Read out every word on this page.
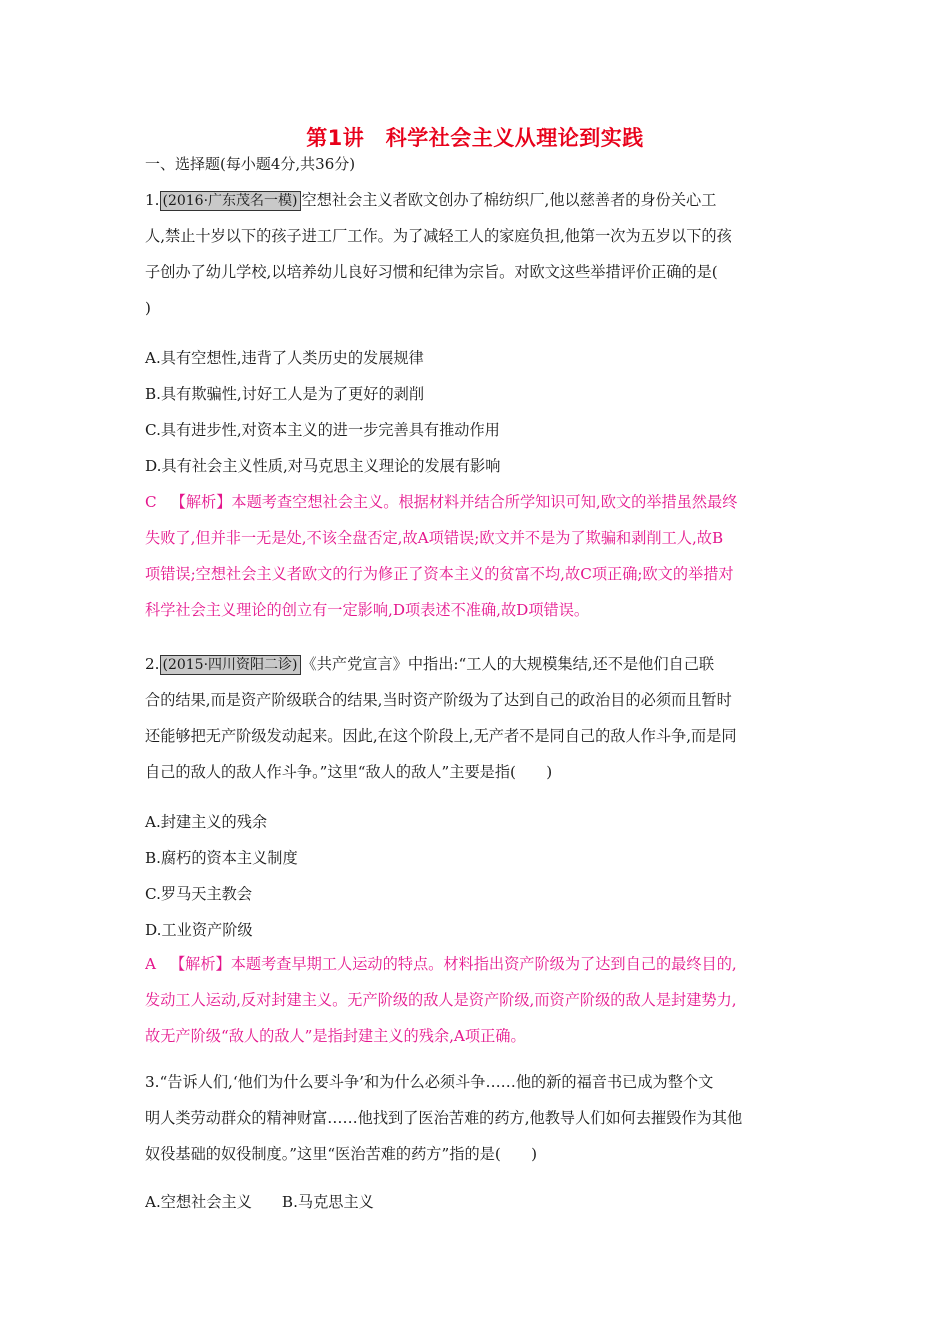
第1讲　科学社会主义从理论到实践
一、选择题(每小题4分,共36分)
1. (2016·广东茂名一模) 空想社会主义者欧文创办了棉纺织厂,他以慈善者的身份关心工
人,禁止十岁以下的孩子进工厂工作。为了减轻工人的家庭负担,他第一次为五岁以下的孩
子创办了幼儿学校,以培养幼儿良好习惯和纪律为宗旨。对欧文这些举措评价正确的是(
)
A.具有空想性,违背了人类历史的发展规律
B.具有欺骗性,讨好工人是为了更好的剥削
C.具有进步性,对资本主义的进一步完善具有推动作用
D.具有社会主义性质,对马克思主义理论的发展有影响
C 【解析】本题考查空想社会主义。根据材料并结合所学知识可知,欧文的举措虽然最终
失败了,但并非一无是处,不该全盘否定,故A项错误;欧文并不是为了欺骗和剥削工人,故B
项错误;空想社会主义者欧文的行为修正了资本主义的贫富不均,故C项正确;欧文的举措对
科学社会主义理论的创立有一定影响,D项表述不准确,故D项错误。
2. (2015·四川资阳二诊) 《共产党宣言》中指出:“工人的大规模集结,还不是他们自己联
合的结果,而是资产阶级联合的结果,当时资产阶级为了达到自己的政治目的必须而且暂时
还能够把无产阶级发动起来。因此,在这个阶段上,无产者不是同自己的敌人作斗争,而是同
自己的敌人的敌人作斗争。”这里“敌人的敌人”主要是指(　　)
A.封建主义的残余
B.腐朽的资本主义制度
C.罗马天主教会
D.工业资产阶级
A 【解析】本题考查早期工人运动的特点。材料指出资产阶级为了达到自己的最终目的,
发动工人运动,反对封建主义。无产阶级的敌人是资产阶级,而资产阶级的敌人是封建势力,
故无产阶级“敌人的敌人”是指封建主义的残余,A项正确。
3.“告诉人们,‘他们为什么要斗争’和为什么必须斗争……他的新的福音书已成为整个文
明人类劳动群众的精神财富……他找到了医治苦难的药方,他教导人们如何去摧毁作为其他
奴役基础的奴役制度。”这里“医治苦难的药方”指的是(　　)
A.空想社会主义 B.马克思主义
